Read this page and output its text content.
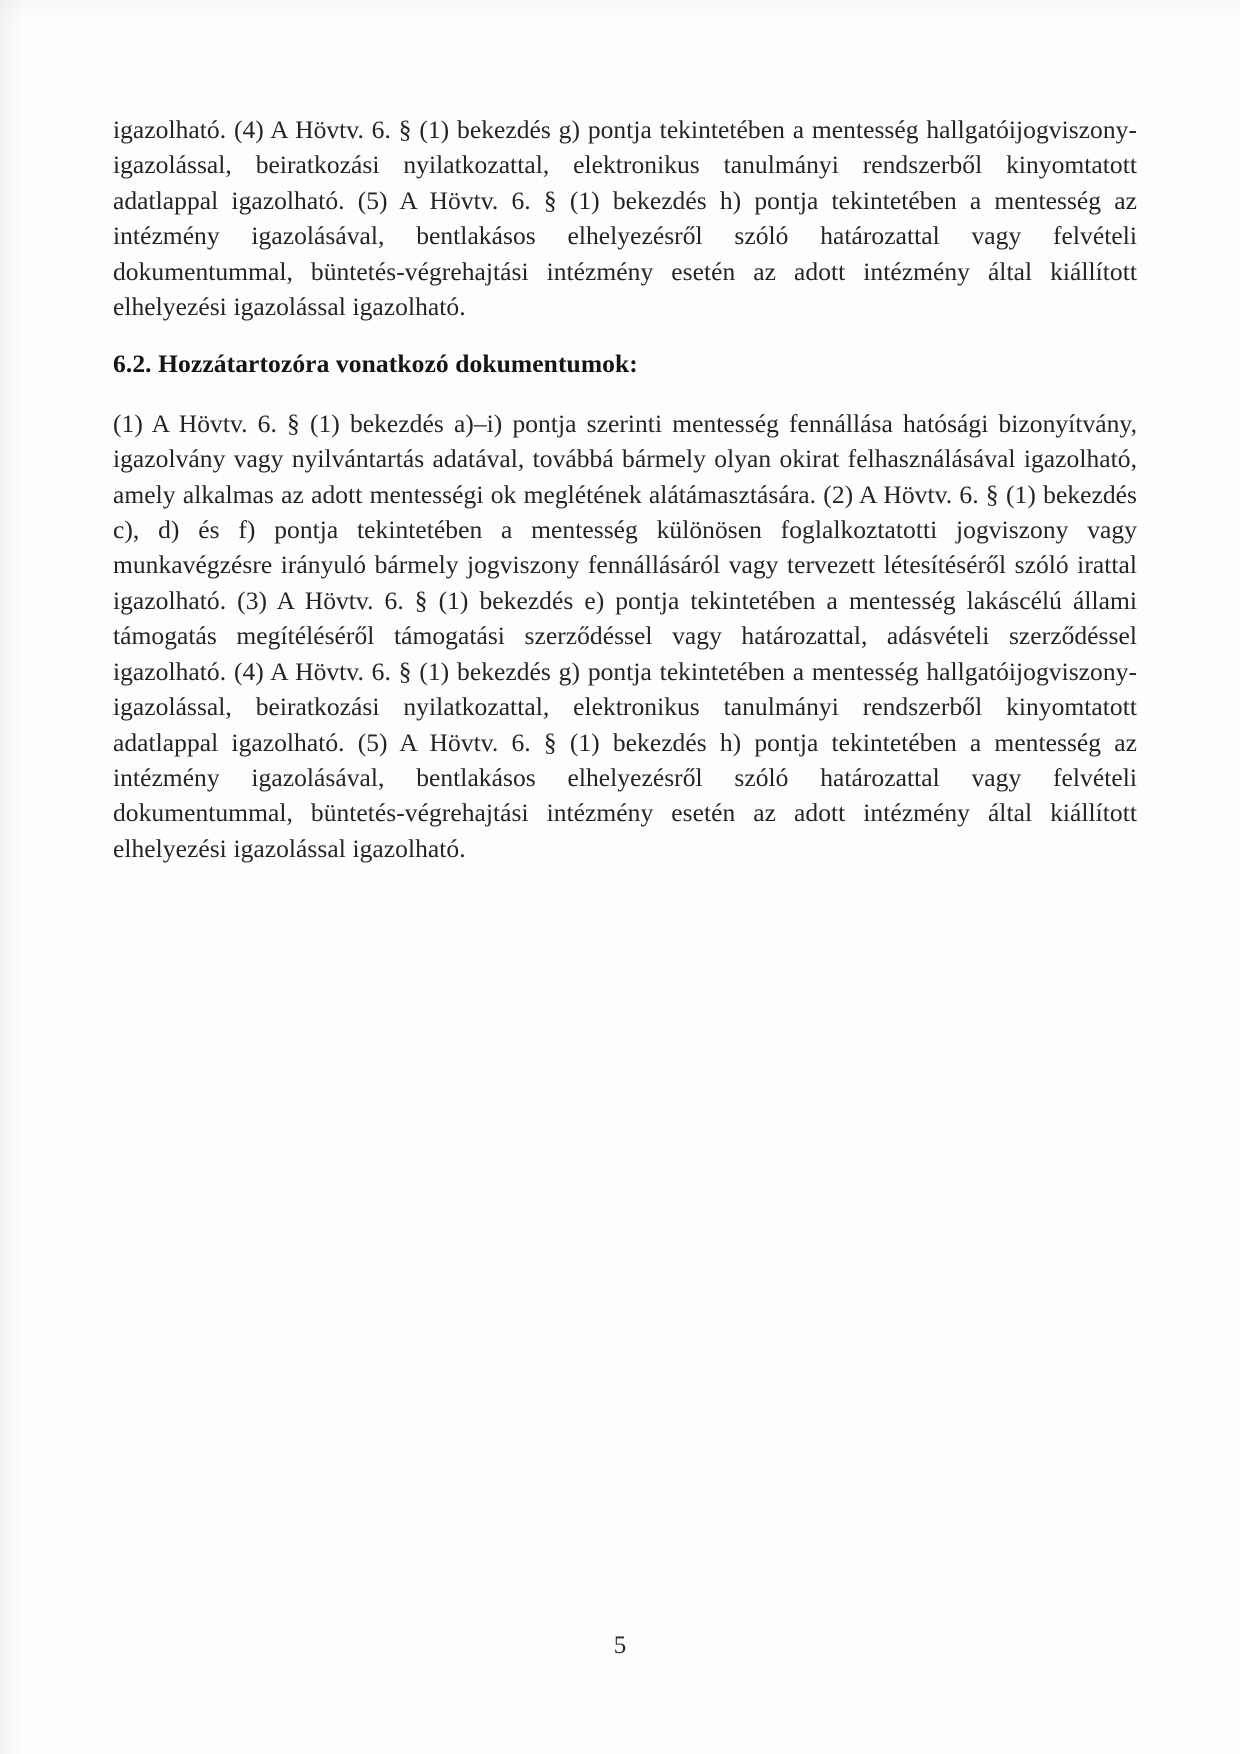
igazolható. (4) A Hövtv. 6. § (1) bekezdés g) pontja tekintetében a mentesség hallgatóijogviszony-igazolással, beiratkozási nyilatkozattal, elektronikus tanulmányi rendszerből kinyomtatott adatlappal igazolható. (5) A Hövtv. 6. § (1) bekezdés h) pontja tekintetében a mentesség az intézmény igazolásával, bentlakásos elhelyezésről szóló határozattal vagy felvételi dokumentummal, büntetés-végrehajtási intézmény esetén az adott intézmény által kiállított elhelyezési igazolással igazolható.

6.2. Hozzátartozóra vonatkozó dokumentumok:

(1) A Hövtv. 6. § (1) bekezdés a)–i) pontja szerinti mentesség fennállása hatósági bizonyítvány, igazolvány vagy nyilvántartás adatával, továbbá bármely olyan okirat felhasználásával igazolható, amely alkalmas az adott mentességi ok meglétének alátámasztására. (2) A Hövtv. 6. § (1) bekezdés c), d) és f) pontja tekintetében a mentesség különösen foglalkoztatotti jogviszony vagy munkavégzésre irányuló bármely jogviszony fennállásáról vagy tervezett létesítéséről szóló irattal igazolható. (3) A Hövtv. 6. § (1) bekezdés e) pontja tekintetében a mentesség lakáscélú állami támogatás megítéléséről támogatási szerződéssel vagy határozattal, adásvételi szerződéssel igazolható. (4) A Hövtv. 6. § (1) bekezdés g) pontja tekintetében a mentesség hallgatóijogviszony-igazolással, beiratkozási nyilatkozattal, elektronikus tanulmányi rendszerből kinyomtatott adatlappal igazolható. (5) A Hövtv. 6. § (1) bekezdés h) pontja tekintetében a mentesség az intézmény igazolásával, bentlakásos elhelyezésről szóló határozattal vagy felvételi dokumentummal, büntetés-végrehajtási intézmény esetén az adott intézmény által kiállított elhelyezési igazolással igazolható.

5
